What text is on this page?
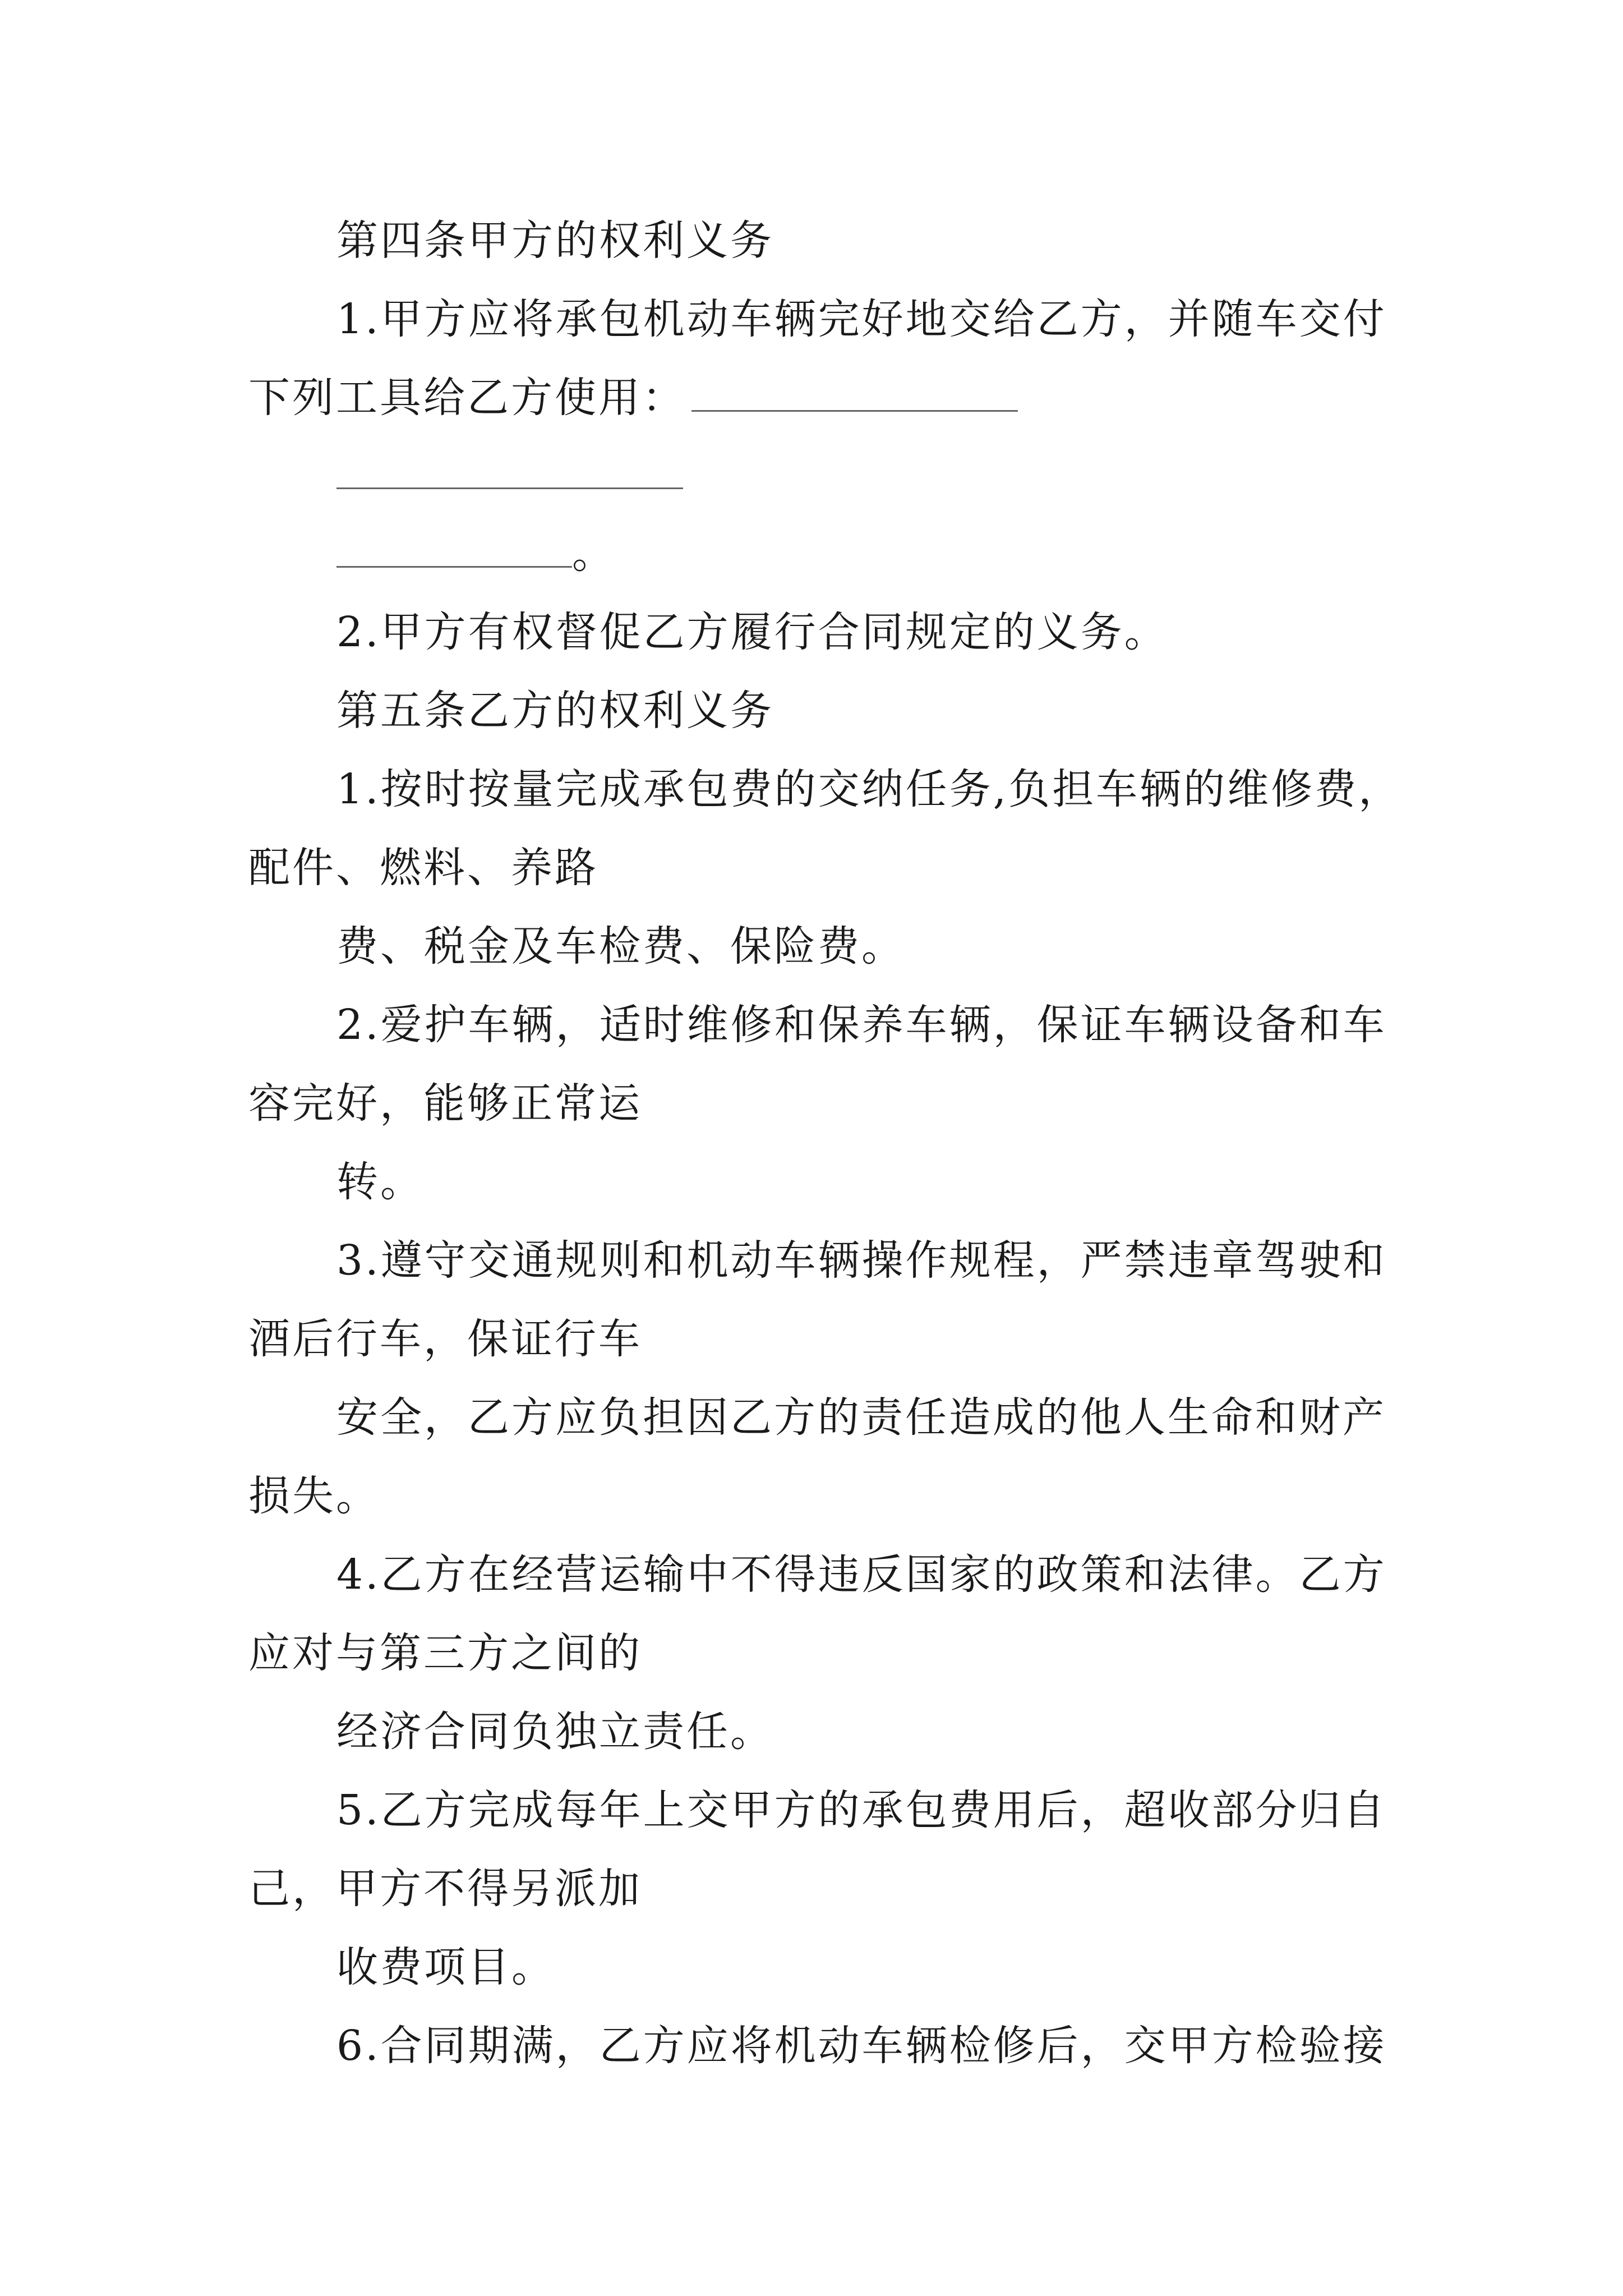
第四条甲方的权利义务
1.甲方应将承包机动车辆完好地交给乙方，并随车交付
下列工具给乙方使用：
。
2.甲方有权督促乙方履行合同规定的义务。
第五条乙方的权利义务
1.按时按量完成承包费的交纳任务,负担车辆的维修费，
配件、燃料、养路
费、税金及车检费、保险费。
2.爱护车辆，适时维修和保养车辆，保证车辆设备和车
容完好，能够正常运
转。
3.遵守交通规则和机动车辆操作规程，严禁违章驾驶和
酒后行车，保证行车
安全，乙方应负担因乙方的责任造成的他人生命和财产
损失。
4.乙方在经营运输中不得违反国家的政策和法律。乙方
应对与第三方之间的
经济合同负独立责任。
5.乙方完成每年上交甲方的承包费用后，超收部分归自
己，甲方不得另派加
收费项目。
6.合同期满，乙方应将机动车辆检修后，交甲方检验接
